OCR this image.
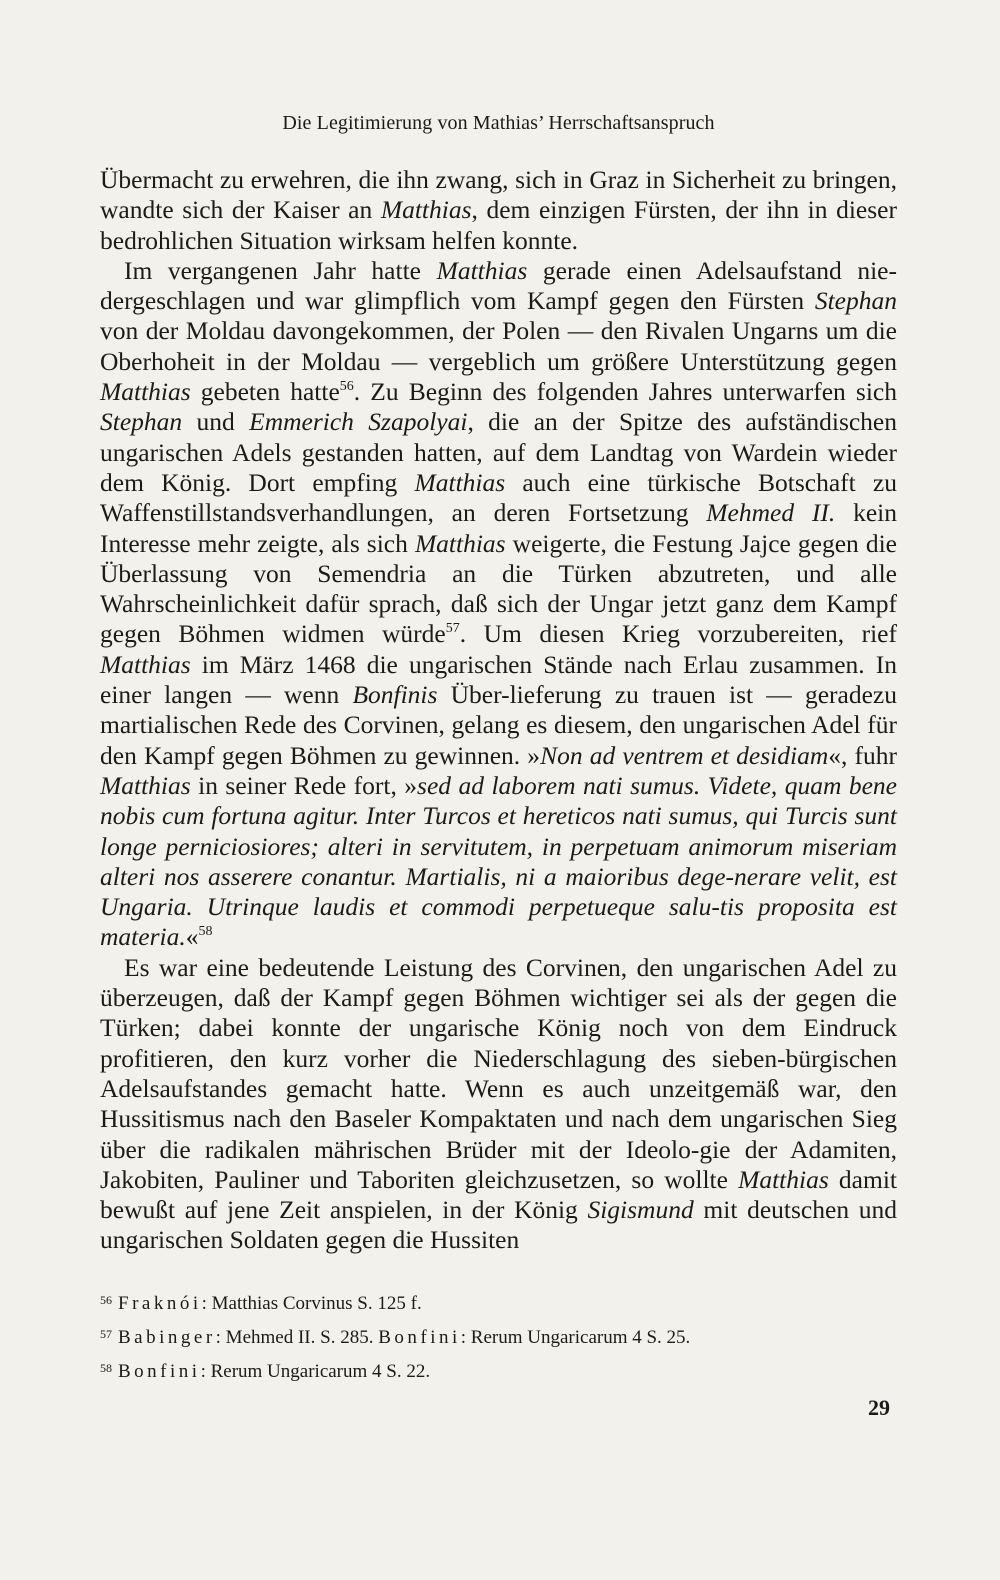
Die Legitimierung von Mathias’ Herrschaftsanspruch

Übermacht zu erwehren, die ihn zwang, sich in Graz in Sicherheit zu bringen, wandte sich der Kaiser an Matthias, dem einzigen Fürsten, der ihn in dieser bedrohlichen Situation wirksam helfen konnte.

Im vergangenen Jahr hatte Matthias gerade einen Adelsaufstand nie-dergeschlagen und war glimpflich vom Kampf gegen den Fürsten Stephan von der Moldau davongekommen, der Polen — den Rivalen Ungarns um die Oberhoheit in der Moldau — vergeblich um größere Unterstützung gegen Matthias gebeten hatte$^{56}$. Zu Beginn des folgenden Jahres unterwarfen sich Stephan und Emmerich Szapolyai, die an der Spitze des aufständischen ungarischen Adels gestanden hatten, auf dem Landtag von Wardein wieder dem König. Dort empfing Matthias auch eine türkische Botschaft zu Waffenstillstandsverhandlungen, an deren Fortsetzung Mehmed II. kein Interesse mehr zeigte, als sich Matthias weigerte, die Festung Jajce gegen die Überlassung von Semendria an die Türken abzutreten, und alle Wahrscheinlichkeit dafür sprach, daß sich der Ungar jetzt ganz dem Kampf gegen Böhmen widmen würde$^{57}$. Um diesen Krieg vorzubereiten, rief Matthias im März 1468 die ungarischen Stände nach Erlau zusammen. In einer langen — wenn Bonfinis Über-lieferung zu trauen ist — geradezu martialischen Rede des Corvinen, gelang es diesem, den ungarischen Adel für den Kampf gegen Böhmen zu gewinnen. »Non ad ventrem et desidiam«, fuhr Matthias in seiner Rede fort, »sed ad laborem nati sumus. Videte, quam bene nobis cum fortuna agitur. Inter Turcos et hereticos nati sumus, qui Turcis sunt longe perniciosiores; alteri in servitutem, in perpetuam animorum miseriam alteri nos asserere conantur. Martialis, ni a maioribus dege-nerare velit, est Ungaria. Utrinque laudis et commodi perpetueque salu-tis proposita est materia.«$^{58}$

Es war eine bedeutende Leistung des Corvinen, den ungarischen Adel zu überzeugen, daß der Kampf gegen Böhmen wichtiger sei als der gegen die Türken; dabei konnte der ungarische König noch von dem Eindruck profitieren, den kurz vorher die Niederschlagung des sieben-bürgischen Adelsaufstandes gemacht hatte. Wenn es auch unzeitgemäß war, den Hussitismus nach den Baseler Kompaktaten und nach dem ungarischen Sieg über die radikalen mährischen Brüder mit der Ideolo-gie der Adamiten, Jakobiten, Pauliner und Taboriten gleichzusetzen, so wollte Matthias damit bewußt auf jene Zeit anspielen, in der König Sigismund mit deutschen und ungarischen Soldaten gegen die Hussiten

$^{56}$ Fraknói: Matthias Corvinus S. 125 f.
$^{57}$ Babinger: Mehmed II. S. 285. Bonfini: Rerum Ungaricarum 4 S. 25.
$^{58}$ Bonfini: Rerum Ungaricarum 4 S. 22.
29
